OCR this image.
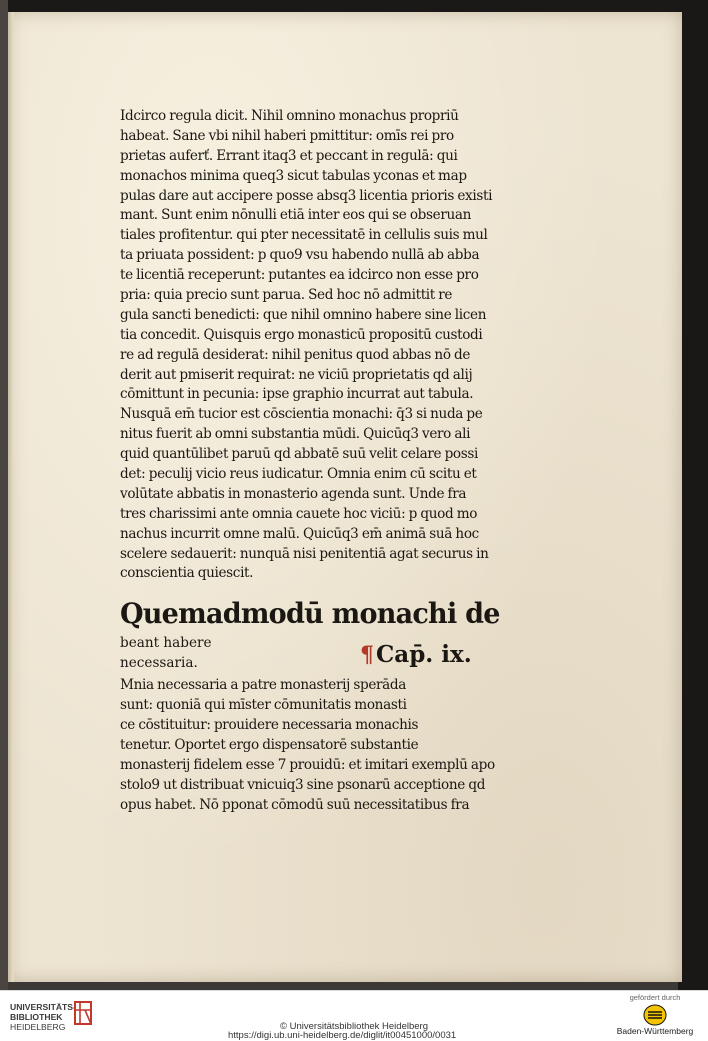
Idcirco regula dicit. Nihil omnino monachus propriū
habeat. Sane vbi nihil haberi pmittitur: omīs rei pro
prietas auferť. Errant itaq3 et peccant in regulā: qui
monachos minima queq3 sicut tabulas yconas et map
pulas dare aut accipere posse absq3 licentia prioris existi
mant. Sunt enim nōnulli etiā inter eos qui se obseruan
tiales profitentur. qui pter necessitatē in cellulis suis mul
ta priuata possident: p quo9 vsu habendo nullā ab abba
te licentiā receperunt: putantes ea idcirco non esse pro
pria: quia precio sunt parua. Sed hoc nō admittit re
gula sancti benedicti: que nihil omnino habere sine licen
tia concedit. Quisquis ergo monasticū propositū custodi
re ad regulā desiderat: nihil penitus quod abbas nō de
derit aut pmiserit requirat: ne viciū proprietatis qd alij
cōmittunt in pecunia: ipse graphio incurrat aut tabula.
Nusquā em̄ tucior est cōscientia monachi: q̄3 si nuda pe
nitus fuerit ab omni substantia mūdi. Quicūq3 vero ali
quid quantūlibet paruū qd abbatē suū velit celare possi
det: peculij vicio reus iudicatur. Omnia enim cū scitu et
volūtate abbatis in monasterio agenda sunt. Unde fra
tres charissimi ante omnia cauete hoc viciū: p quod mo
nachus incurrit omne malū. Quicūq3 em̄ animā suā hoc
scelere sedauerit: nunquā nisi penitentiā agat securus in
conscientia quiescit.
Quemadmodū monachi de
beant habere
necessaria.	¶Cap̄. ix.
Mnia necessaria a patre monasterij sperāda
sunt: quoniā qui mīster cōmunitatis monasti
ce cōstituitur: prouidere necessaria monachis
tenetur. Oportet ergo dispensatorē substantie
monasterij fidelem esse 7 prouidū: et imitari exemplū apo
stolo9 ut distribuat vnicuiq3 sine psonarū acceptione qd
opus habet. Nō pponat cōmodū suū necessitatibus fra
UNIVERSITÄTS-
BIBLIOTHEK
HEIDELBERG	© Universitätsbibliothek Heidelberg
https://digi.ub.uni-heidelberg.de/diglit/it00451000/0031
gefördert durch
Baden-Württemberg
